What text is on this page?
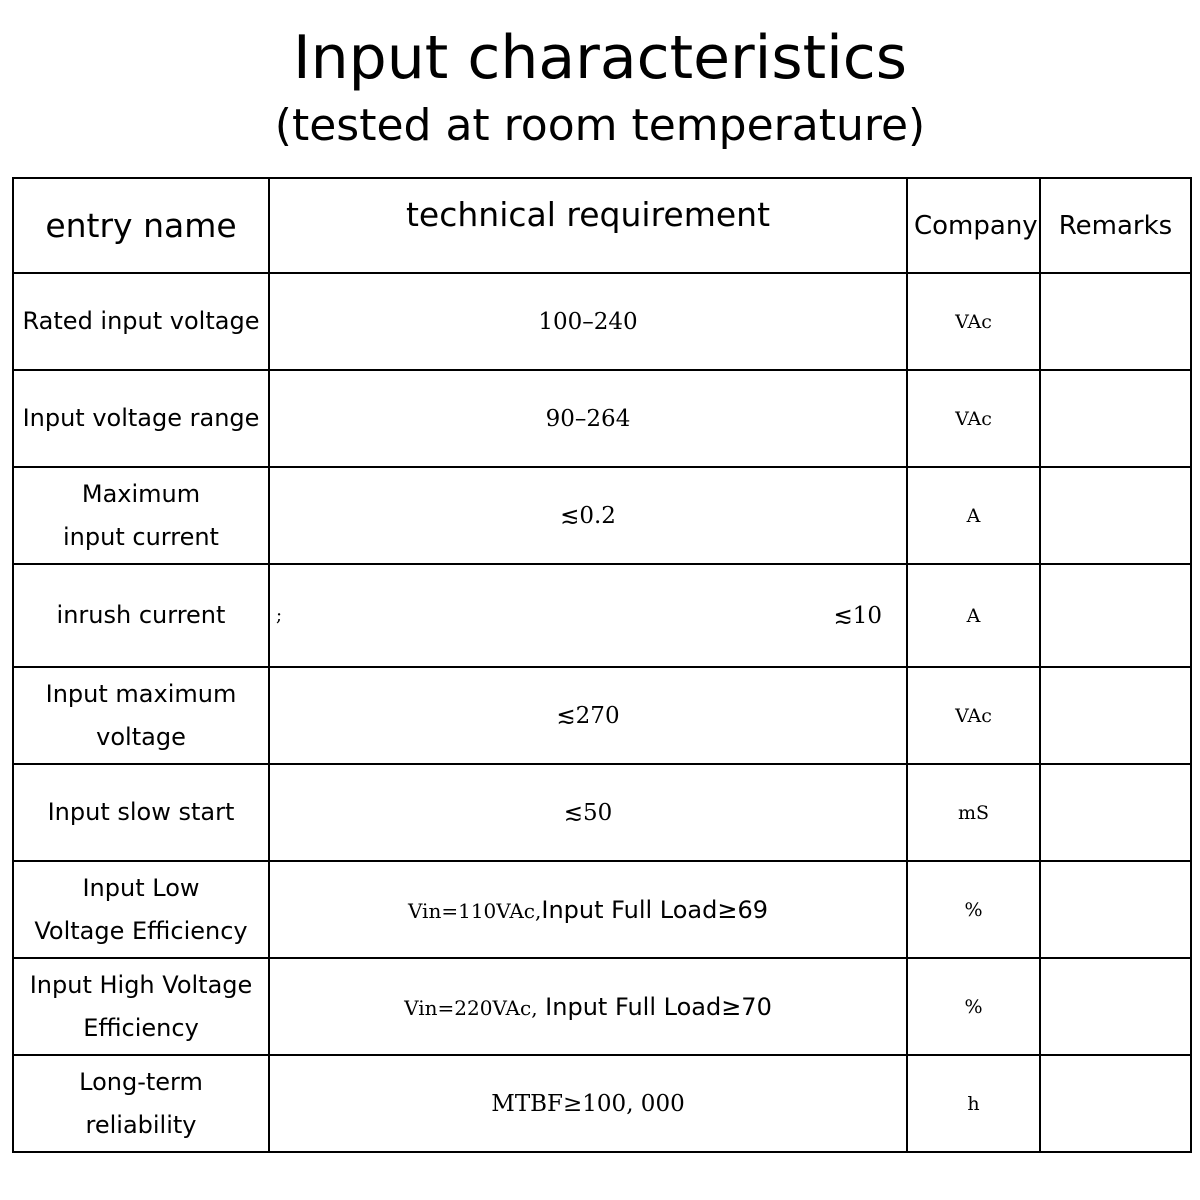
Input characteristics
(tested at room temperature)
entry name	technical requirement	Company	Remarks
Rated input voltage	100–240	VAc	
Input voltage range	90–264	VAc	
Maximum input current	≲0.2	A	
inrush current	; ≲10	A	
Input maximum voltage	≲270	VAc	
Input slow start	≲50	mS	
Input Low Voltage Efficiency	Vin=110VAc,Input Full Load≥69	%	
Input High Voltage Efficiency	Vin=220VAc, Input Full Load≥70	%	
Long-term reliability	MTBF≥100, 000	h	
